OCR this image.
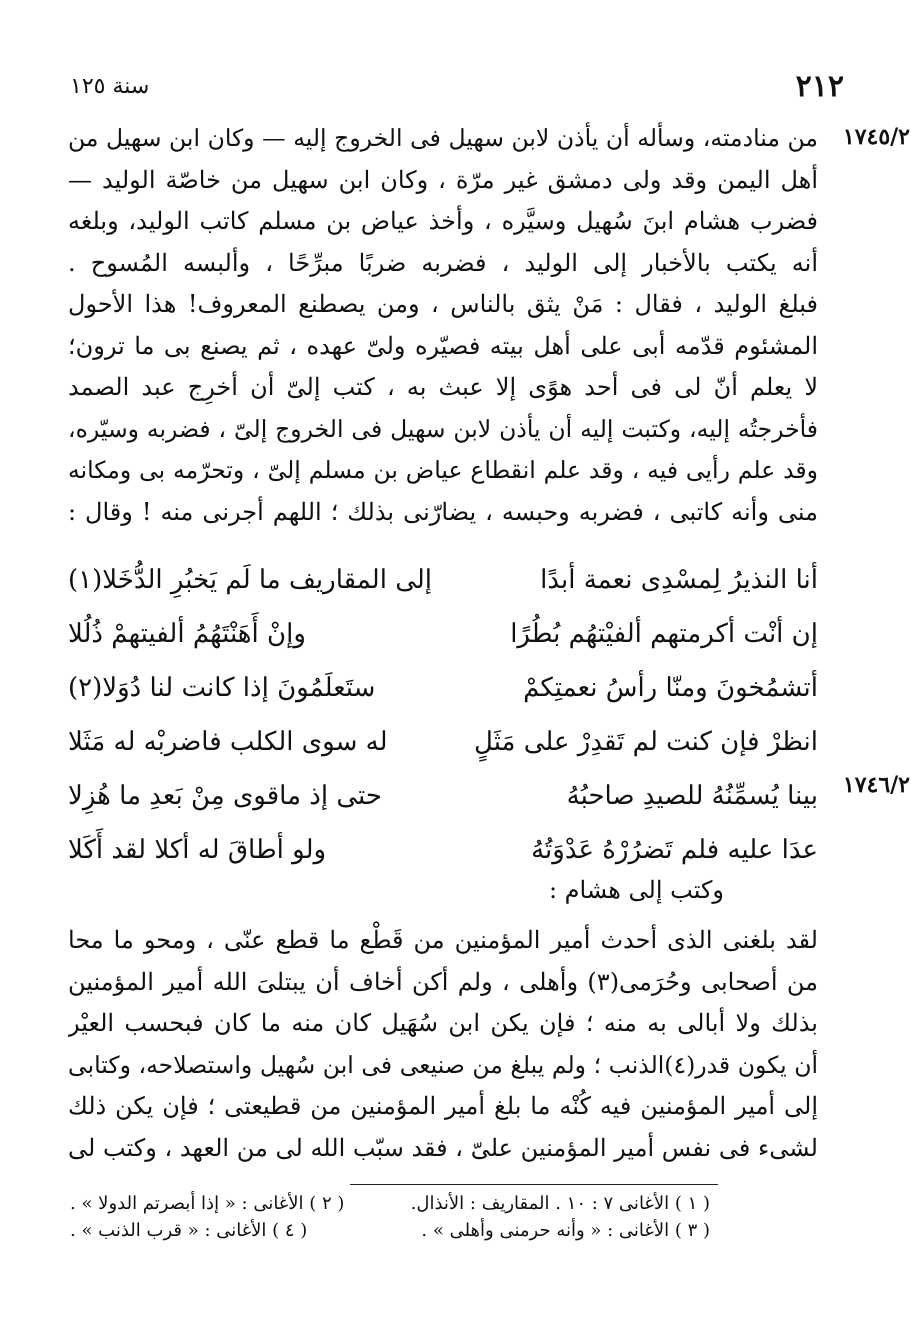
٢١٢
سنة ١٢٥
١٧٤٥/٢
١٧٤٦/٢
من منادمته، وسأله أن يأذن لابن سهيل فى الخروج إليه — وكان ابن سهيل من
أهل اليمن وقد ولى دمشق غير مرّة ، وكان ابن سهيل من خاصّة الوليد —
فضرب هشام ابنَ سُهيل وسيَّره ، وأخذ عياض بن مسلم كاتب الوليد، وبلغه
أنه يكتب بالأخبار إلى الوليد ، فضربه ضربًا مبرِّحًا ، وألبسه المُسوح .
فبلغ الوليد ، فقال : مَنْ يثق بالناس ، ومن يصطنع المعروف! هذا الأحول
المشئوم قدّمه أبى على أهل بيته فصيّره ولىّ عهده ، ثم يصنع بى ما ترون؛
لا يعلم أنّ لى فى أحد هوًى إلا عبث به ، كتب إلىّ أن أخرِج عبد الصمد
فأخرجتُه إليه، وكتبت إليه أن يأذن لابن سهيل فى الخروج إلىّ ، فضربه وسيّره،
وقد علم رأيى فيه ، وقد علم انقطاع عياض بن مسلم إلىّ ، وتحرّمه بى ومكانه
منى وأنه كاتبى ، فضربه وحبسه ، يضارّنى بذلك ؛ اللهم أجرنى منه ! وقال :
أنا النذيرُ لِمسْدِى نعمة أبدًا
إلى المقاريف ما لَم يَخبُرِ الدُّخَلا(١)
إن أنْت أكرمتهم ألفيْتهُم بُطُرًا
وإنْ أَهَنْتَهُمُ ألفيتهمْ ذُلُلا
أتشمُخونَ ومنّا رأسُ نعمتِكمْ
ستَعلَمُونَ إذا كانت لنا دُوَلا(٢)
انظرْ فإن كنت لم تَقدِرْ على مَثَلٍ
له سوى الكلب فاضربْه له مَثَلا
بينا يُسمِّنُهُ للصيدِ صاحبُهُ
حتى إذ ماقوى مِنْ بَعدِ ما هُزِلا
عدَا عليه فلم تَضرُرْهُ عَدْوَتُهُ
ولو أطاقَ له أكلا لقد أَكَلا
وكتب إلى هشام :
لقد بلغنى الذى أحدث أمير المؤمنين من قَطْع ما قطع عنّى ، ومحو ما محا
من أصحابى وحُرَمى(٣) وأهلى ، ولم أكن أخاف أن يبتلىَ الله أمير المؤمنين
بذلك ولا أبالى به منه ؛ فإن يكن ابن سُهَيل كان منه ما كان فبحسب العيْر
أن يكون قدر(٤)الذنب ؛ ولم يبلغ من صنيعى فى ابن سُهيل واستصلاحه، وكتابى
إلى أمير المؤمنين فيه كُنْه ما بلغ أمير المؤمنين من قطيعتى ؛ فإن يكن ذلك
لشىء فى نفس أمير المؤمنين علىّ ، فقد سبّب الله لى من العهد ، وكتب لى
( ١ ) الأغانى ٧ : ١٠ . المقاريف : الأنذال.
( ٢ ) الأغانى : « إذا أبصرتم الدولا » .
( ٣ ) الأغانى : « وأنه حرمنى وأهلى » .
( ٤ ) الأغانى : « قرب الذنب » .
